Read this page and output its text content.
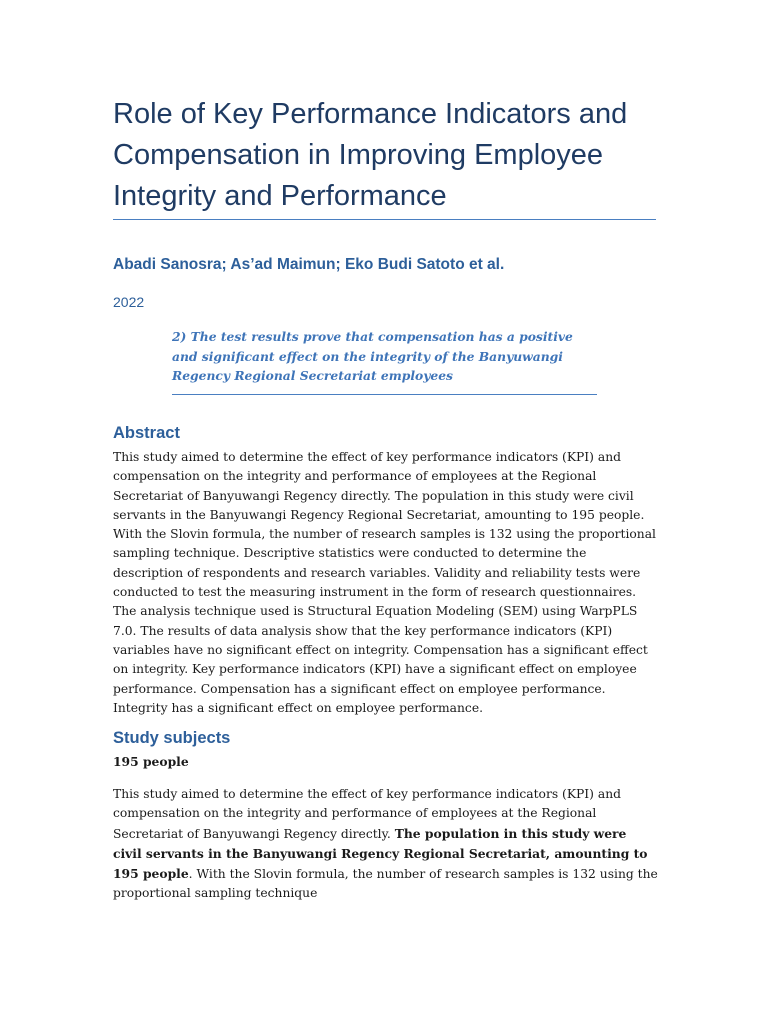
Role of Key Performance Indicators and Compensation in Improving Employee Integrity and Performance
Abadi Sanosra; As’ad Maimun; Eko Budi Satoto et al.
2022
2) The test results prove that compensation has a positive and significant effect on the integrity of the Banyuwangi Regency Regional Secretariat employees
Abstract

This study aimed to determine the effect of key performance indicators (KPI) and compensation on the integrity and performance of employees at the Regional Secretariat of Banyuwangi Regency directly. The population in this study were civil servants in the Banyuwangi Regency Regional Secretariat, amounting to 195 people. With the Slovin formula, the number of research samples is 132 using the proportional sampling technique. Descriptive statistics were conducted to determine the description of respondents and research variables. Validity and reliability tests were conducted to test the measuring instrument in the form of research questionnaires. The analysis technique used is Structural Equation Modeling (SEM) using WarpPLS 7.0. The results of data analysis show that the key performance indicators (KPI) variables have no significant effect on integrity. Compensation has a significant effect on integrity. Key performance indicators (KPI) have a significant effect on employee performance. Compensation has a significant effect on employee performance. Integrity has a significant effect on employee performance.

Study subjects
195 people

This study aimed to determine the effect of key performance indicators (KPI) and compensation on the integrity and performance of employees at the Regional Secretariat of Banyuwangi Regency directly. The population in this study were civil servants in the Banyuwangi Regency Regional Secretariat, amounting to 195 people. With the Slovin formula, the number of research samples is 132 using the proportional sampling technique
